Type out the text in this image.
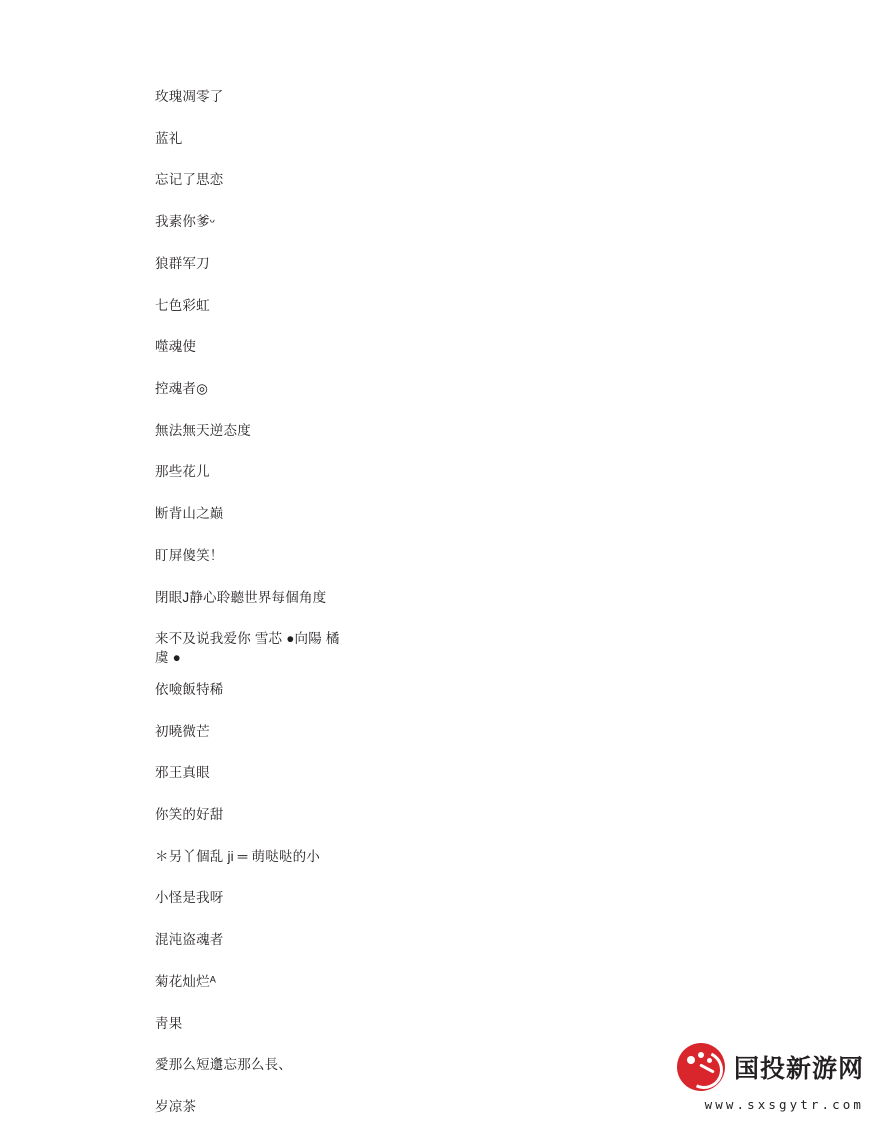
玫瑰凋零了

蓝礼

忘记了思恋

我素你爹ᵕ

狼群军刀

七色彩虹

噬魂使

控魂者◎

無法無天逆态度

那些花儿

断背山之巅

盯屏傻笑！

閉眼J静心聆聽世界每個角度

来不及说我爱你 雪芯 ●向陽 橘虞 ●

依噞飯特稀

初曉微芒

邪王真眼

你笑的好甜

＊另丫個乱 ji ═ 萌哒哒的小

小怪是我呀

混沌盗魂者

菊花灿烂ᴬ

靑果

愛那么短邍忘那么長、

岁凉茶

国投新游网
www.sxsgytr.com
